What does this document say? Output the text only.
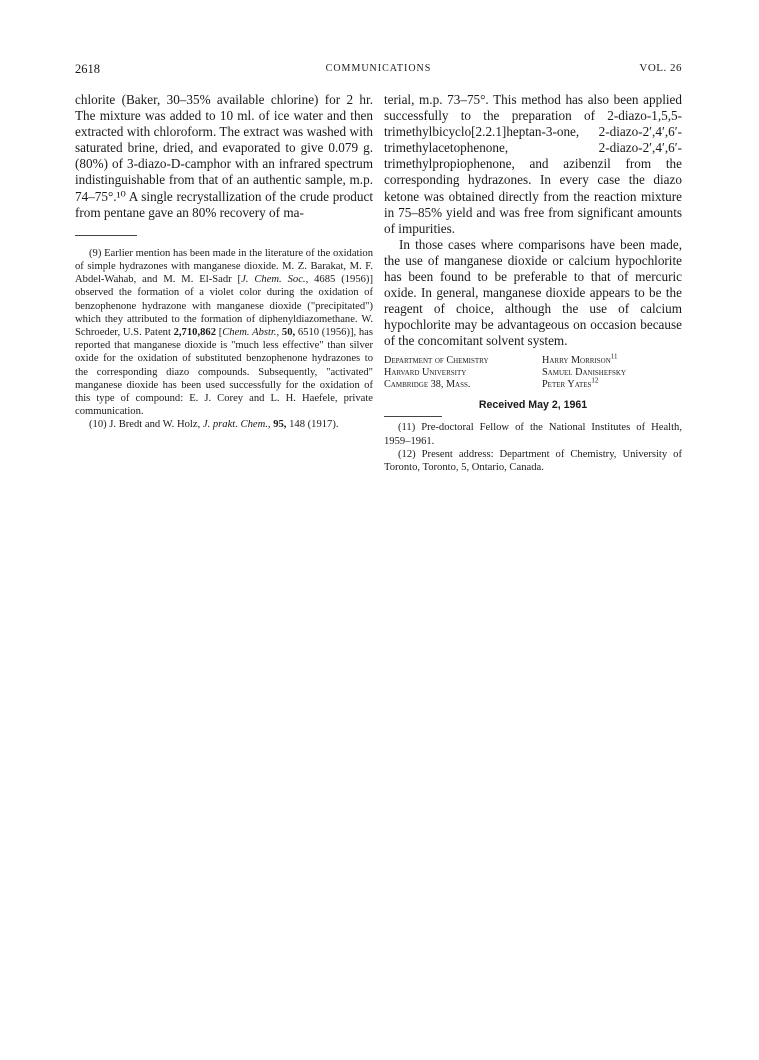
2618	COMMUNICATIONS	VOL. 26

chlorite (Baker, 30–35% available chlorine) for 2 hr. The mixture was added to 10 ml. of ice water and then extracted with chloroform. The extract was washed with saturated brine, dried, and evaporated to give 0.079 g. (80%) of 3-diazo-D-camphor with an infrared spectrum indistinguishable from that of an authentic sample, m.p. 74–75°.¹⁰ A single recrystallization of the crude product from pentane gave an 80% recovery of ma-

(9) Earlier mention has been made in the literature of the oxidation of simple hydrazones with manganese dioxide. M. Z. Barakat, M. F. Abdel-Wahab, and M. M. El-Sadr [J. Chem. Soc., 4685 (1956)] observed the formation of a violet color during the oxidation of benzophenone hydrazone with manganese dioxide ("precipitated") which they attributed to the formation of diphenyldiazomethane. W. Schroeder, U.S. Patent 2,710,862 [Chem. Abstr., 50, 6510 (1956)], has reported that manganese dioxide is "much less effective" than silver oxide for the oxidation of substituted benzophenone hydrazones to the corresponding diazo compounds. Subsequently, "activated" manganese dioxide has been used successfully for the oxidation of this type of compound: E. J. Corey and L. H. Haefele, private communication.

(10) J. Bredt and W. Holz, J. prakt. Chem., 95, 148 (1917).

terial, m.p. 73–75°. This method has also been applied successfully to the preparation of 2-diazo-1,5,5-trimethylbicyclo[2.2.1]heptan-3-one, 2-diazo-2′,4′,6′-trimethylacetophenone, 2-diazo-2′,4′,6′-trimethylpropiophenone, and azibenzil from the corresponding hydrazones. In every case the diazo ketone was obtained directly from the reaction mixture in 75–85% yield and was free from significant amounts of impurities.

In those cases where comparisons have been made, the use of manganese dioxide or calcium hypochlorite has been found to be preferable to that of mercuric oxide. In general, manganese dioxide appears to be the reagent of choice, although the use of calcium hypochlorite may be advantageous on occasion because of the concomitant solvent system.

Department of Chemistry
Harvard University
Cambridge 38, Mass.
Harry Morrison$^{11}$
Samuel Danishefsky
Peter Yates$^{12}$
Received May 2, 1961

(11) Pre-doctoral Fellow of the National Institutes of Health, 1959–1961.

(12) Present address: Department of Chemistry, University of Toronto, Toronto, 5, Ontario, Canada.
